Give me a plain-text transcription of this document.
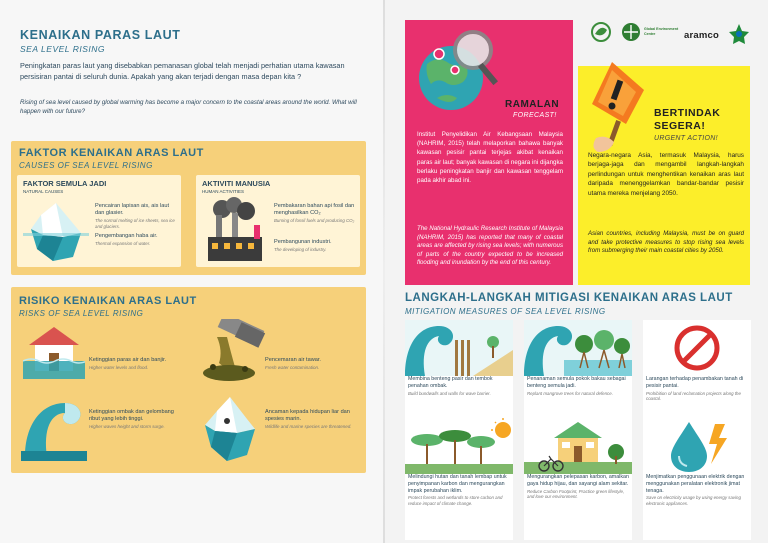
KENAIKAN PARAS LAUT
SEA LEVEL RISING
Peningkatan paras laut yang disebabkan pemanasan global telah menjadi perhatian utama kawasan persisiran pantai di seluruh dunia. Apakah yang akan terjadi dengan masa depan kita ?
Rising of sea level caused by global warming has become a major concern to the coastal areas around the world. What will happen with our future?
FAKTOR KENAIKAN ARAS LAUT
CAUSES OF SEA LEVEL RISING
FAKTOR SEMULA JADI
NATURAL CAUSES
Pencairan lapisan ais, ais laut dan glasier.
The normal melting of ice sheets, sea ice and glaciers.
Pengembangan haba air.
Thermal expansion of water.
AKTIVITI MANUSIA
HUMAN ACTIVITIES
Pembakaran bahan api fosil dan menghasilkan CO₂
Burning of fossil fuels and producing CO₂
Pembangunan industri.
The developing of industry.
RISIKO KENAIKAN ARAS LAUT
RISKS OF SEA LEVEL RISING
Ketinggian paras air dan banjir.
Higher water levels and flood.
Pencemaran air tawar.
Fresh water contamination.
Ketinggian ombak dan gelombang ribut yang lebih tinggi.
Higher waves height and storm surge.
Ancaman kepada hidupan liar dan spesies marin.
Wildlife and marine species are threatened.
RAMALAN
FORECAST!
Institut Penyelidikan Air Kebangsaan Malaysia (NAHRIM, 2015) telah melaporkan bahawa banyak kawasan pesisir pantai terjejas akibat kenaikan paras air laut; banyak kawasan di negara ini dijangka berlaku peningkatan banjir dan kawasan tenggelam pada akhir abad ini.
The National Hydraulic Research Institute of Malaysia (NAHRIM, 2015) has reported that many of coastal areas are affected by rising sea levels; with numerous of parts of the country expected to be increased flooding and inundation by the end of this century.
BERTINDAK
SEGERA!
URGENT ACTION!
Negara-negara Asia, termasuk Malaysia, harus berjaga-jaga dan mengambil langkah-langkah perlindungan untuk menghentikan kenaikan aras laut daripada menenggelamkan bandar-bandar pesisir utama mereka menjelang 2050.
Asian countries, including Malaysia, must be on guard and take protective measures to stop rising sea levels from submerging their main coastal cities by 2050.
Global Environment Centre	aramco
LANGKAH-LANGKAH MITIGASI KENAIKAN ARAS LAUT
MITIGATION MEASURES OF SEA LEVEL RISING
Membina benteng pasir dan tembok penahan ombak.
Build bundwalls and walls for wave barrier.
Penanaman semula pokok bakau sebagai benteng semula jadi.
Replant mangrove trees for natural defence.
Larangan terhadap penambakan tanah di pesisir pantai.
Prohibition of land reclamation projects along the coastal.
Melindungi hutan dan tanah lembap untuk penyimpanan karbon dan mengurangkan impak perubahan iklim.
Protect forests and wetlands to store carbon and reduce impact of climate change.
Mengurangkan pelepasan karbon, amalkan gaya hidup hijau, dan sayangi alam sekitar.
Reduce Carbon Footprint, Practice green lifestyle, and love our environment.
Menjimatkan penggunaan elektrik dengan menggunakan peralatan elektronik jimat tenaga.
Save on electricity usage by using energy saving electronic appliances.
